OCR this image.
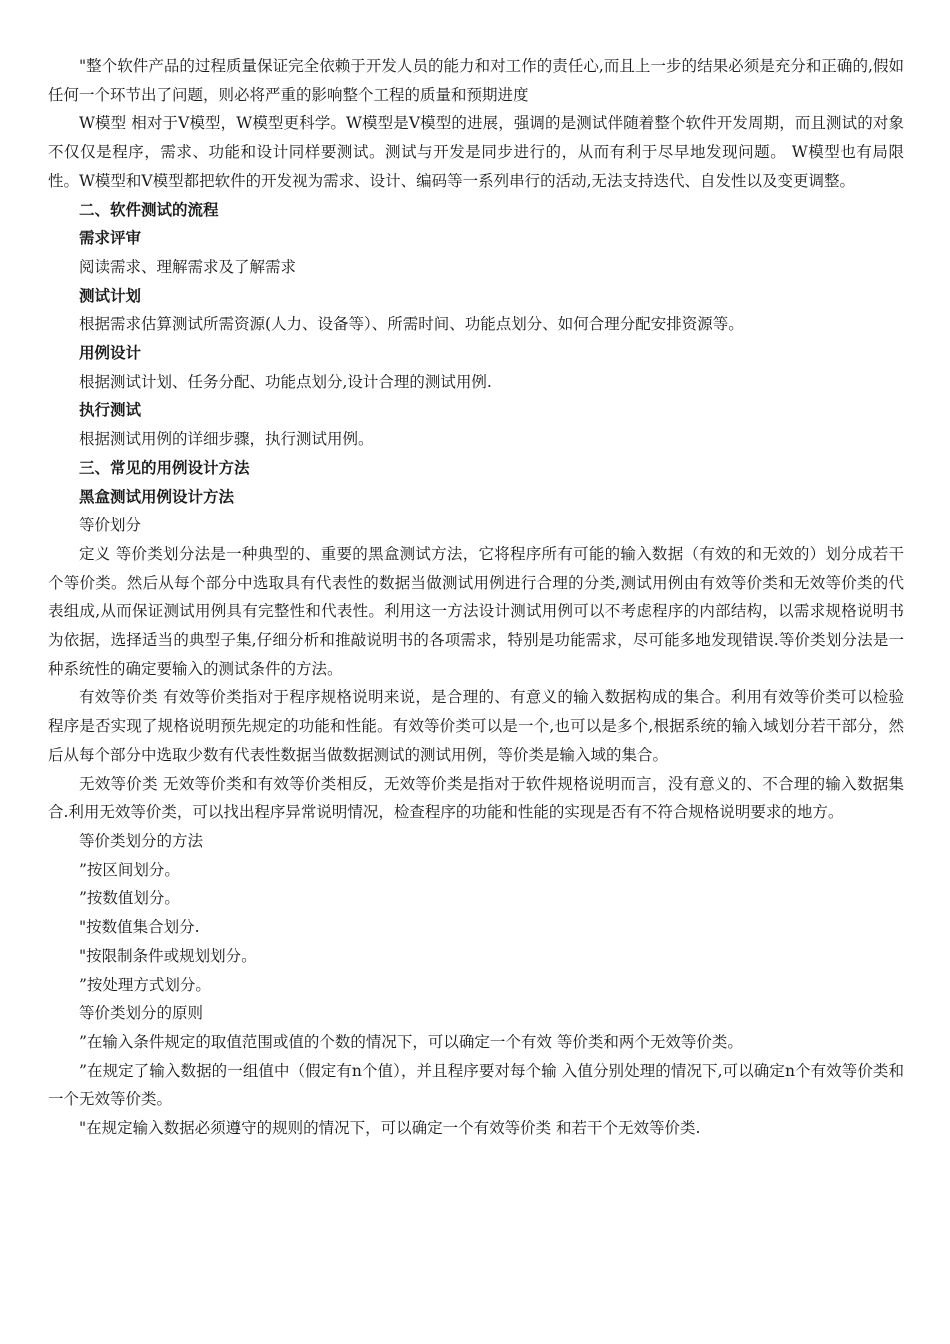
"整个软件产品的过程质量保证完全依赖于开发人员的能力和对工作的责任心,而且上一步的结果必须是充分和正确的,假如任何一个环节出了问题，则必将严重的影响整个工程的质量和预期进度

W模型 相对于V模型，W模型更科学。W模型是V模型的进展，强调的是测试伴随着整个软件开发周期，而且测试的对象不仅仅是程序，需求、功能和设计同样要测试。测试与开发是同步进行的，从而有利于尽早地发现问题。 W模型也有局限性。W模型和V模型都把软件的开发视为需求、设计、编码等一系列串行的活动,无法支持迭代、自发性以及变更调整。

二、软件测试的流程

需求评审

阅读需求、理解需求及了解需求

测试计划

根据需求估算测试所需资源(人力、设备等）、所需时间、功能点划分、如何合理分配安排资源等。

用例设计

根据测试计划、任务分配、功能点划分,设计合理的测试用例.

执行测试

根据测试用例的详细步骤，执行测试用例。

三、常见的用例设计方法

黑盒测试用例设计方法

等价划分

定义 等价类划分法是一种典型的、重要的黑盒测试方法，它将程序所有可能的输入数据（有效的和无效的）划分成若干个等价类。然后从每个部分中选取具有代表性的数据当做测试用例进行合理的分类,测试用例由有效等价类和无效等价类的代表组成,从而保证测试用例具有完整性和代表性。利用这一方法设计测试用例可以不考虑程序的内部结构，以需求规格说明书为依据，选择适当的典型子集,仔细分析和推敲说明书的各项需求，特别是功能需求，尽可能多地发现错误.等价类划分法是一种系统性的确定要输入的测试条件的方法。

有效等价类 有效等价类指对于程序规格说明来说，是合理的、有意义的输入数据构成的集合。利用有效等价类可以检验程序是否实现了规格说明预先规定的功能和性能。有效等价类可以是一个,也可以是多个,根据系统的输入域划分若干部分，然后从每个部分中选取少数有代表性数据当做数据测试的测试用例，等价类是输入域的集合。

无效等价类 无效等价类和有效等价类相反，无效等价类是指对于软件规格说明而言，没有意义的、不合理的输入数据集合.利用无效等价类，可以找出程序异常说明情况，检查程序的功能和性能的实现是否有不符合规格说明要求的地方。

等价类划分的方法

”按区间划分。

”按数值划分。

"按数值集合划分.

"按限制条件或规划划分。

”按处理方式划分。

等价类划分的原则

”在输入条件规定的取值范围或值的个数的情况下，可以确定一个有效 等价类和两个无效等价类。

”在规定了输入数据的一组值中（假定有n个值），并且程序要对每个输 入值分别处理的情况下,可以确定n个有效等价类和一个无效等价类。

"在规定输入数据必须遵守的规则的情况下，可以确定一个有效等价类 和若干个无效等价类.
